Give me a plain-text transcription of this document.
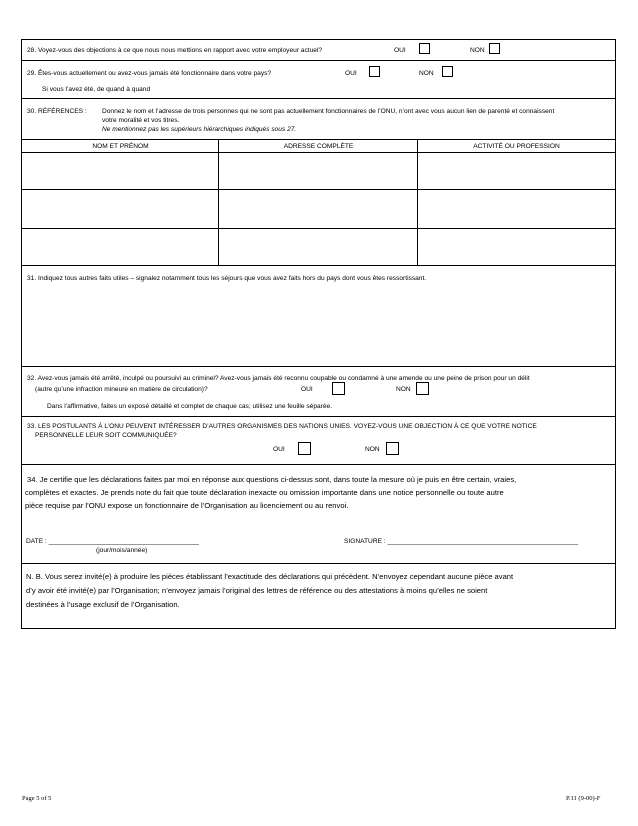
28. Voyez-vous des objections à ce que nous nous mettions en rapport avec votre employeur actuel?	OUI	NON
29. Êtes-vous actuellement ou avez-vous jamais été fonctionnaire dans votre pays?	OUI	NON
Si vous l’avez été, de quand à quand
30. RÉFÉRENCES : Donnez le nom et l’adresse de trois personnes qui ne sont pas actuellement fonctionnaires de l’ONU, n’ont avec vous aucun lien de parenté et connaissent
votre moralité et vos titres.
Ne mentionnez pas les supérieurs hiérarchiques indiqués sous 27.
NOM ET PRÉNOM	ADRESSE COMPLÈTE	ACTIVITÉ OU PROFESSION
31. Indiquez tous autres faits utiles – signalez notamment tous les séjours que vous avez faits hors du pays dont vous êtes ressortissant.
32. Avez-vous jamais été arrêté, inculpé ou poursuivi au criminel? Avez-vous jamais été reconnu coupable ou condamné à une amende ou une peine de prison pour un délit
(autre qu’une infraction mineure en matière de circulation)?	OUI	NON
Dans l’affirmative, faites un exposé détaillé et complet de chaque cas; utilisez une feuille séparée.
33. LES POSTULANTS À L’ONU PEUVENT INTÉRESSER D’AUTRES ORGANISMES DES NATIONS UNIES. VOYEZ-VOUS UNE OBJECTION À CE QUE VOTRE NOTICE
PERSONNELLE LEUR SOIT COMMUNIQUÉE?
OUI	NON
34. Je certifie que les déclarations faites par moi en réponse aux questions ci-dessus sont, dans toute la mesure où je puis en être certain, vraies,
complètes et exactes. Je prends note du fait que toute déclaration inexacte ou omission importante dans une notice personnelle ou toute autre
pièce requise par l’ONU expose un fonctionnaire de l’Organisation au licenciement ou au renvoi.
DATE : _________________________________________
(jour/mois/année)
SIGNATURE : ____________________________________________________
N. B. Vous serez invité(e) à produire les pièces établissant l’exactitude des déclarations qui précèdent. N’envoyez cependant aucune pièce avant
d’y avoir été invité(e) par l’Organisation; n’envoyez jamais l’original des lettres de référence ou des attestations à moins qu’elles ne soient
destinées à l’usage exclusif de l’Organisation.
Page 5 of 5	P.11 (9-00)-F
